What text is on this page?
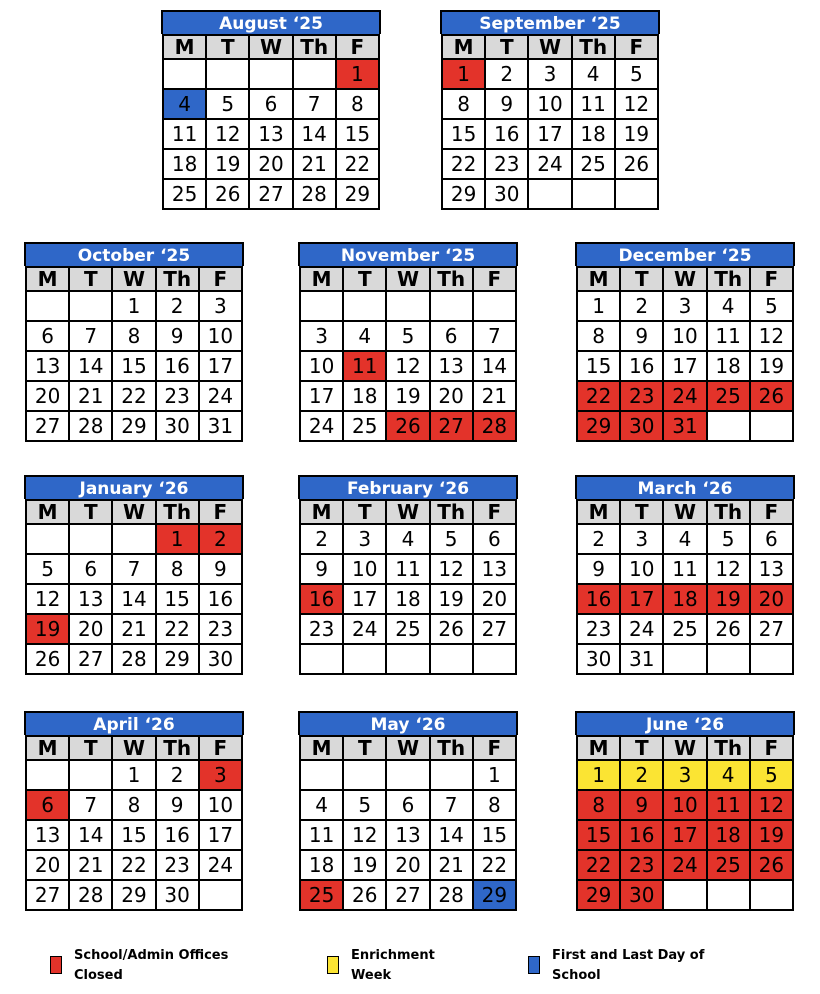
August ‘25
M	T	W	Th	F
				1
4	5	6	7	8
11	12	13	14	15
18	19	20	21	22
25	26	27	28	29
September ‘25
M	T	W	Th	F
1	2	3	4	5
8	9	10	11	12
15	16	17	18	19
22	23	24	25	26
29	30			
October ‘25
M	T	W	Th	F
		1	2	3
6	7	8	9	10
13	14	15	16	17
20	21	22	23	24
27	28	29	30	31
November ‘25
M	T	W	Th	F

3	4	5	6	7
10	11	12	13	14
17	18	19	20	21
24	25	26	27	28
December ‘25
M	T	W	Th	F
1	2	3	4	5
8	9	10	11	12
15	16	17	18	19
22	23	24	25	26
29	30	31		
January ‘26
M	T	W	Th	F
			1	2
5	6	7	8	9
12	13	14	15	16
19	20	21	22	23
26	27	28	29	30
February ‘26
M	T	W	Th	F
2	3	4	5	6
9	10	11	12	13
16	17	18	19	20
23	24	25	26	27

March ‘26
M	T	W	Th	F
2	3	4	5	6
9	10	11	12	13
16	17	18	19	20
23	24	25	26	27
30	31			
April ‘26
M	T	W	Th	F
		1	2	3
6	7	8	9	10
13	14	15	16	17
20	21	22	23	24
27	28	29	30	
May ‘26
M	T	W	Th	F
				1
4	5	6	7	8
11	12	13	14	15
18	19	20	21	22
25	26	27	28	29
June ‘26
M	T	W	Th	F
1	2	3	4	5
8	9	10	11	12
15	16	17	18	19
22	23	24	25	26
29	30			
School/Admin Offices Closed
Enrichment Week
First and Last Day of School
